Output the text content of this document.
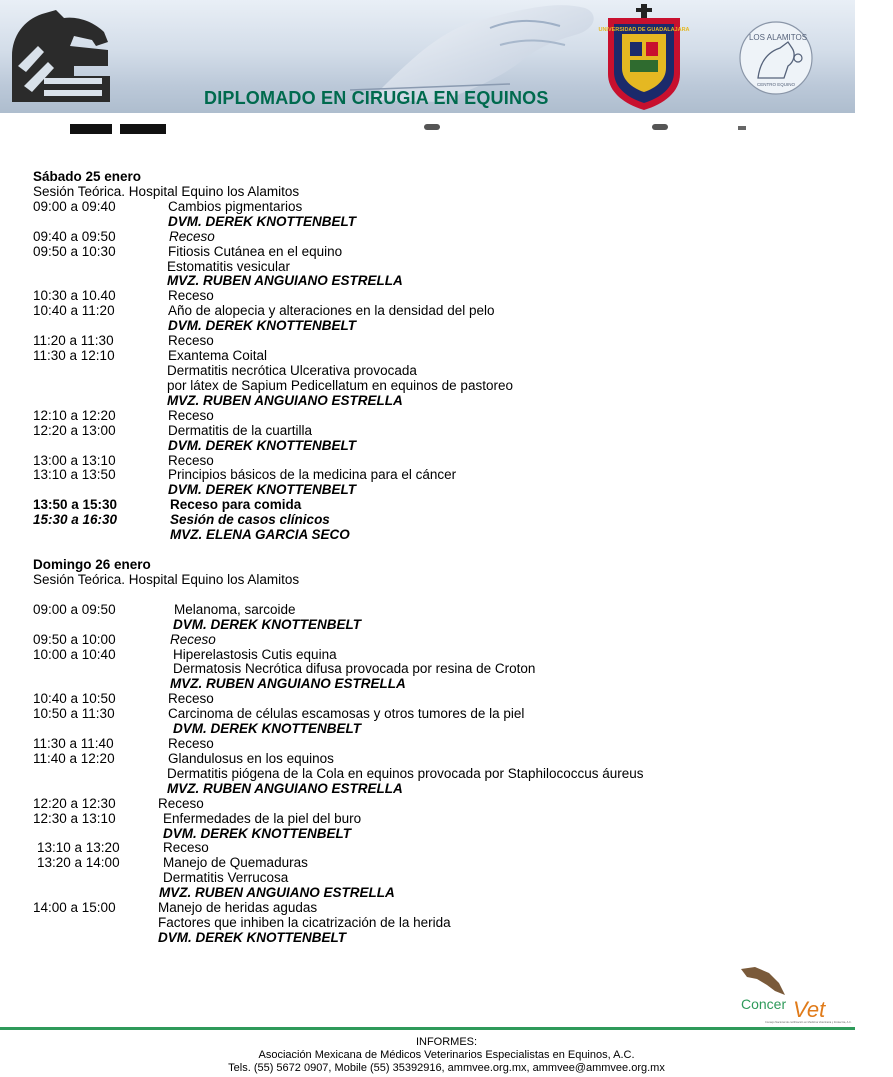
DIPLOMADO EN CIRUGIA EN EQUINOS
UNIVERSIDAD DE GUADALAJARA
LOS ALAMITOS
CENTRO EQUINO
Sábado 25 enero
Sesión Teórica. Hospital Equino los Alamitos
09:00 a 09:40	Cambios pigmentarios
DVM. DEREK KNOTTENBELT
09:40 a 09:50	Receso
09:50 a 10:30	Fitiosis Cutánea en el equino
Estomatitis vesicular
MVZ. RUBEN ANGUIANO ESTRELLA
10:30 a 10.40	Receso
10:40 a 11:20	Año de alopecia y alteraciones en la densidad del pelo
DVM. DEREK KNOTTENBELT
11:20 a 11:30	Receso
11:30 a 12:10	Exantema Coital
Dermatitis necrótica Ulcerativa provocada
por látex de Sapium Pedicellatum en equinos de pastoreo
MVZ. RUBEN ANGUIANO ESTRELLA
12:10 a 12:20	Receso
12:20 a 13:00	Dermatitis de la cuartilla
DVM. DEREK KNOTTENBELT
13:00 a 13:10	Receso
13:10 a 13:50	Principios básicos de la medicina para el cáncer
DVM. DEREK KNOTTENBELT
13:50 a 15:30	Receso para comida
15:30 a 16:30	Sesión de casos clínicos
MVZ. ELENA GARCIA SECO
Domingo 26 enero
Sesión Teórica. Hospital Equino los Alamitos
09:00 a 09:50	Melanoma, sarcoide
DVM. DEREK KNOTTENBELT
09:50 a 10:00	Receso
10:00 a 10:40	Hiperelastosis Cutis equina
Dermatosis Necrótica difusa provocada por resina de Croton
MVZ. RUBEN ANGUIANO ESTRELLA
10:40 a 10:50	Receso
10:50 a 11:30	Carcinoma de células escamosas y otros tumores de la piel
DVM. DEREK KNOTTENBELT
11:30 a 11:40	Receso
11:40 a 12:20	Glandulosus en los equinos
Dermatitis piógena de la Cola en equinos provocada por Staphilococcus áureus
MVZ. RUBEN ANGUIANO ESTRELLA
12:20 a 12:30	Receso
12:30 a 13:10	Enfermedades de la piel del buro
DVM. DEREK KNOTTENBELT
13:10 a 13:20	Receso
13:20 a 14:00	Manejo de Quemaduras
Dermatitis Verrucosa
MVZ. RUBEN ANGUIANO ESTRELLA
14:00 a 15:00	Manejo de heridas agudas
Factores que inhiben la cicatrización de la herida
DVM. DEREK KNOTTENBELT
Concer Vet
Consejo Nacional de certificación en Medicina Veterinaria y Zootecnia, A.C.
INFORMES:
Asociación Mexicana de Médicos Veterinarios Especialistas en Equinos, A.C.
Tels. (55) 5672 0907, Mobile (55) 35392916, ammvee.org.mx, ammvee@ammvee.org.mx
